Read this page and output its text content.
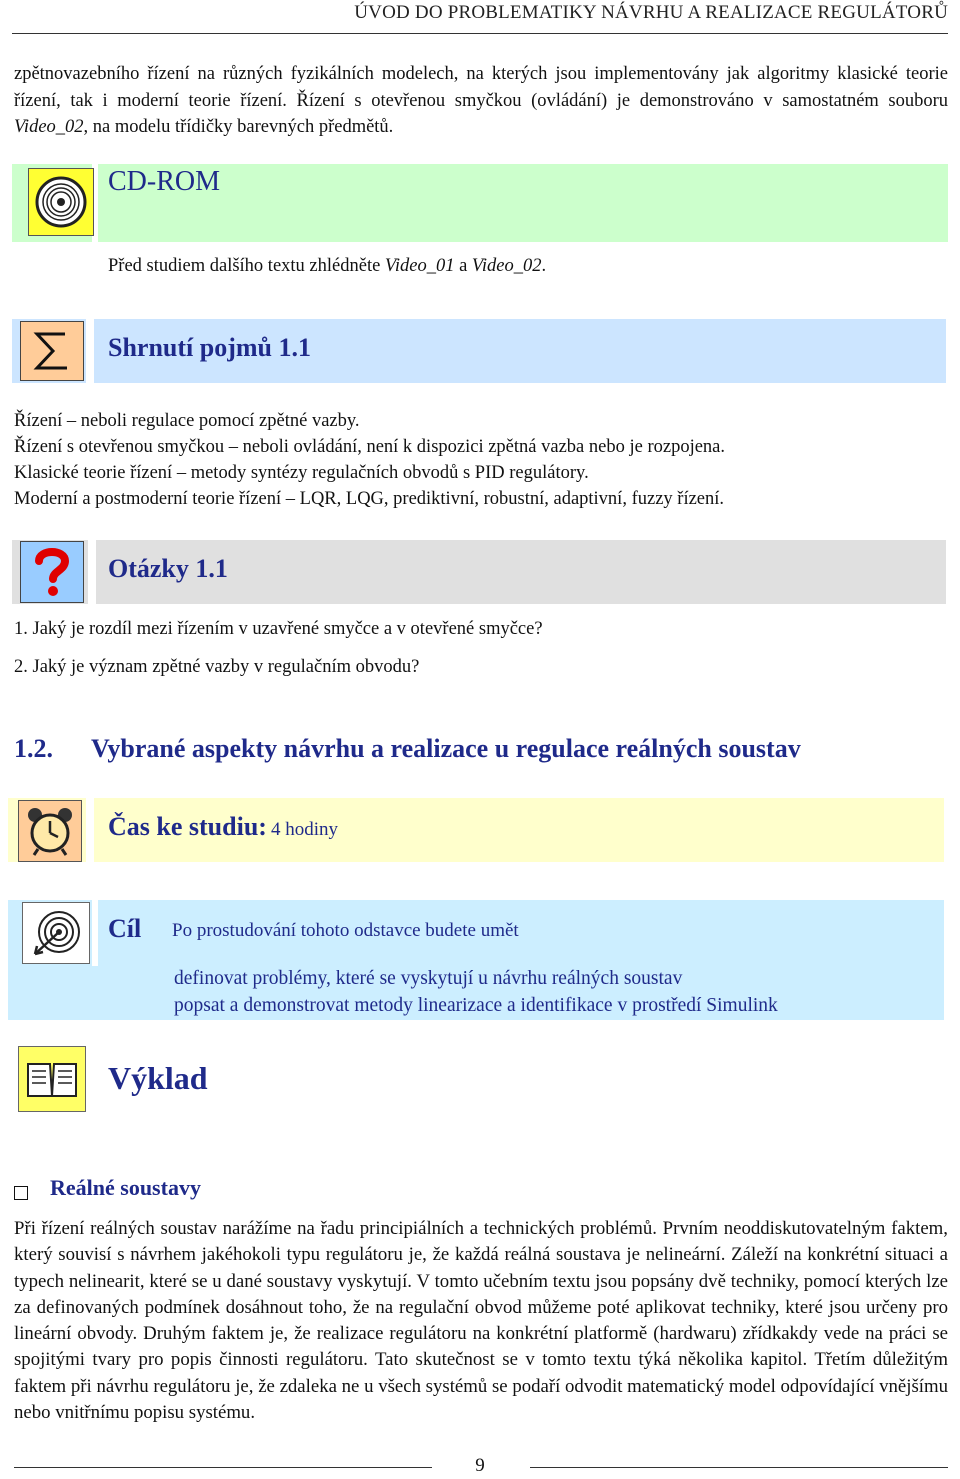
ÚVOD DO PROBLEMATIKY NÁVRHU A REALIZACE REGULÁTORŮ
zpětnovazebního řízení na různých fyzikálních modelech, na kterých jsou implementovány jak algoritmy klasické teorie řízení, tak i moderní teorie řízení. Řízení s otevřenou smyčkou (ovládání) je demonstrováno v samostatném souboru Video_02, na modelu třídičky barevných předmětů.
CD-ROM
Před studiem dalšího textu zhlédněte Video_01 a Video_02.
Shrnutí pojmů 1.1
Řízení – neboli regulace pomocí zpětné vazby.
Řízení s otevřenou smyčkou – neboli ovládání, není k dispozici zpětná vazba nebo je rozpojena.
Klasické teorie řízení – metody syntézy regulačních obvodů s PID regulátory.
Moderní a postmoderní teorie řízení – LQR, LQG, prediktivní, robustní, adaptivní, fuzzy řízení.
Otázky 1.1
1. Jaký je rozdíl mezi řízením v uzavřené smyčce a v otevřené smyčce?
2. Jaký je význam zpětné vazby v regulačním obvodu?
1.2. Vybrané aspekty návrhu a realizace u regulace reálných soustav
Čas ke studiu: 4 hodiny
Cíl Po prostudování tohoto odstavce budete umět
definovat problémy, které se vyskytují u návrhu reálných soustav
popsat a demonstrovat metody linearizace a identifikace v prostředí Simulink
Výklad
Reálné soustavy
Při řízení reálných soustav narážíme na řadu principiálních a technických problémů. Prvním neoddiskutovatelným faktem, který souvisí s návrhem jakéhokoli typu regulátoru je, že každá reálná soustava je nelineární. Záleží na konkrétní situaci a typech nelinearit, které se u dané soustavy vyskytují. V tomto učebním textu jsou popsány dvě techniky, pomocí kterých lze za definovaných podmínek dosáhnout toho, že na regulační obvod můžeme poté aplikovat techniky, které jsou určeny pro lineární obvody. Druhým faktem je, že realizace regulátoru na konkrétní platformě (hardwaru) zřídkakdy vede na práci se spojitými tvary pro popis činnosti regulátoru. Tato skutečnost se v tomto textu týká několika kapitol. Třetím důležitým faktem při návrhu regulátoru je, že zdaleka ne u všech systémů se podaří odvodit matematický model odpovídající vnějšímu nebo vnitřnímu popisu systému.
9
